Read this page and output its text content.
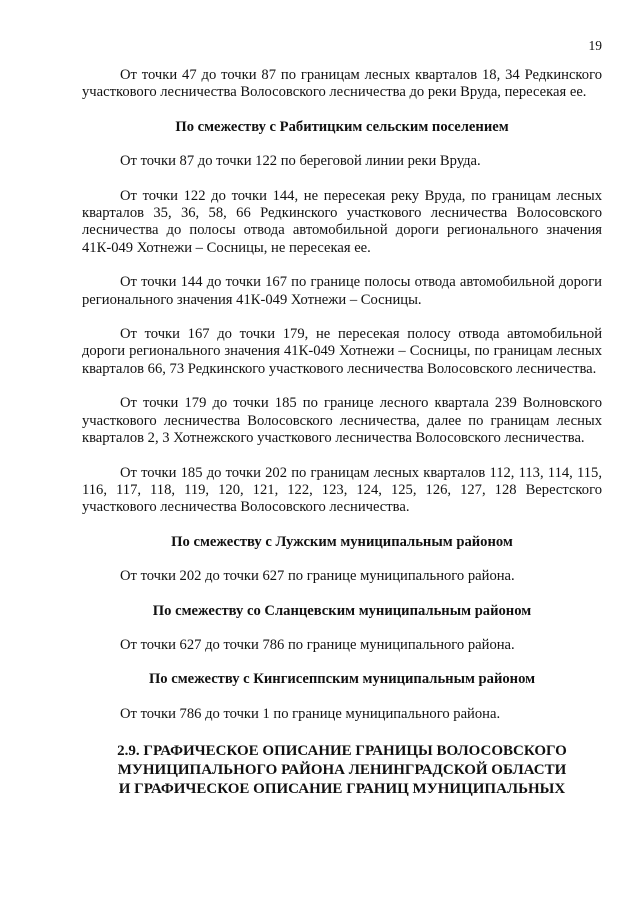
19

От точки 47 до точки 87 по границам лесных кварталов 18, 34 Редкинского участкового лесничества Волосовского лесничества до реки Вруда, пересекая ее.

По смежеству с Рабитицким сельским поселением

От точки 87 до точки 122 по береговой линии реки Вруда.

От точки 122 до точки 144, не пересекая реку Вруда, по границам лесных кварталов 35, 36, 58, 66 Редкинского участкового лесничества Волосовского лесничества до полосы отвода автомобильной дороги регионального значения 41К-049 Хотнежи – Сосницы, не пересекая ее.

От точки 144 до точки 167 по границе полосы отвода автомобильной дороги регионального значения 41К-049 Хотнежи – Сосницы.

От точки 167 до точки 179, не пересекая полосу отвода автомобильной дороги регионального значения 41К-049 Хотнежи – Сосницы, по границам лесных кварталов 66, 73 Редкинского участкового лесничества Волосовского лесничества.

От точки 179 до точки 185 по границе лесного квартала 239 Волновского участкового лесничества Волосовского лесничества, далее по границам лесных кварталов 2, 3 Хотнежского участкового лесничества Волосовского лесничества.

От точки 185 до точки 202 по границам лесных кварталов 112, 113, 114, 115, 116, 117, 118, 119, 120, 121, 122, 123, 124, 125, 126, 127, 128 Верестского участкового лесничества Волосовского лесничества.

По смежеству с Лужским муниципальным районом

От точки 202 до точки 627 по границе муниципального района.

По смежеству со Сланцевским муниципальным районом

От точки 627 до точки 786 по границе муниципального района.

По смежеству с Кингисеппским муниципальным районом

От точки 786 до точки 1 по границе муниципального района.

2.9. ГРАФИЧЕСКОЕ ОПИСАНИЕ ГРАНИЦЫ ВОЛОСОВСКОГО

МУНИЦИПАЛЬНОГО РАЙОНА ЛЕНИНГРАДСКОЙ ОБЛАСТИ

И ГРАФИЧЕСКОЕ ОПИСАНИЕ ГРАНИЦ МУНИЦИПАЛЬНЫХ
